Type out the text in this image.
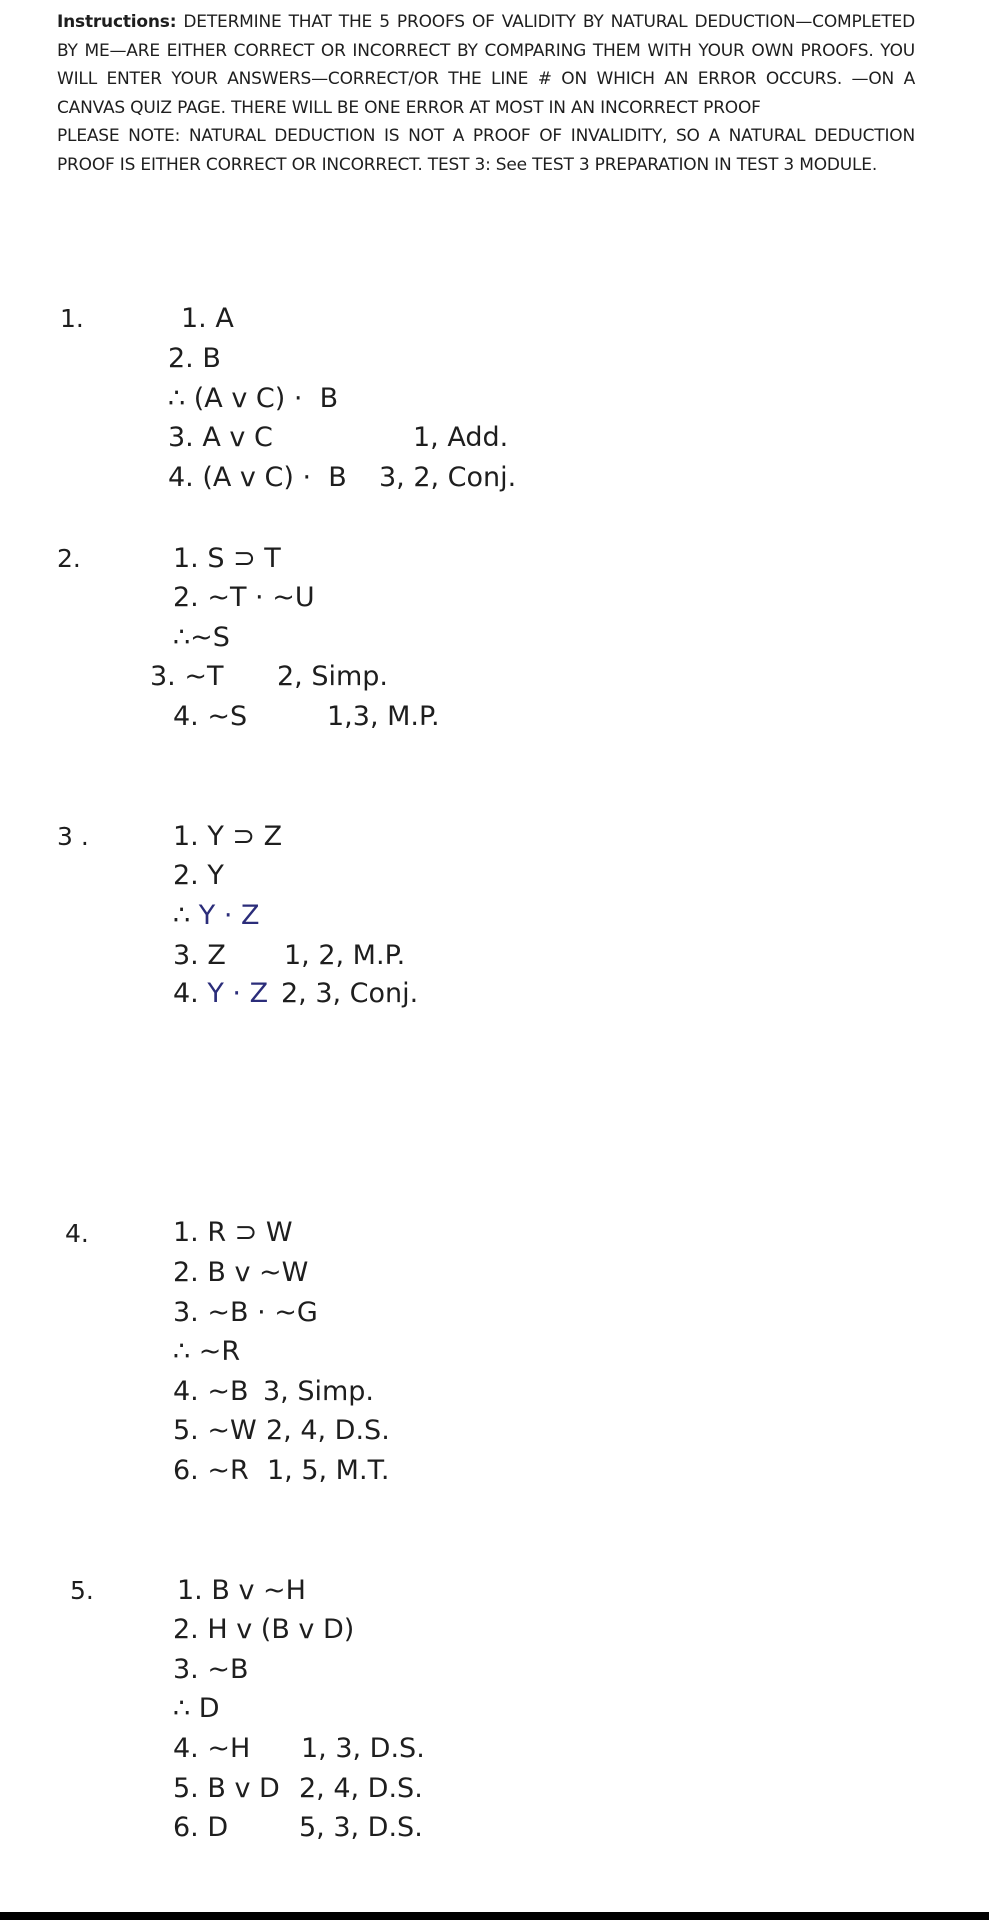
Instructions: DETERMINE THAT THE 5 PROOFS OF VALIDITY BY NATURAL DEDUCTION—COMPLETED BY ME—ARE EITHER CORRECT OR INCORRECT BY COMPARING THEM WITH YOUR OWN PROOFS. YOU WILL ENTER YOUR ANSWERS—CORRECT/OR THE LINE # ON WHICH AN ERROR OCCURS. —ON A CANVAS QUIZ PAGE. THERE WILL BE ONE ERROR AT MOST IN AN INCORRECT PROOF

PLEASE NOTE: NATURAL DEDUCTION IS NOT A PROOF OF INVALIDITY, SO A NATURAL DEDUCTION PROOF IS EITHER CORRECT OR INCORRECT. TEST 3: See TEST 3 PREPARATION IN TEST 3 MODULE.

1.	1. A
2. B
∴ (A v C) ·  B
3. A v C	1, Add.
4. (A v C) ·  B 3, 2, Conj.
2.	1. S ⊃ T
2. ~T · ~U
∴~S
3. ~T 2, Simp.
4. ~S	1,3, M.P.
3 .	1. Y ⊃ Z
2. Y
∴ Y · Z
3. Z 1, 2, M.P.
4. Y · Z 2, 3, Conj.
4.	1. R ⊃ W
2. B v ~W
3. ~B · ~G
∴ ~R
4. ~B 3, Simp.
5. ~W 2, 4, D.S.
6. ~R 1, 5, M.T.
5.	1. B v ~H
2. H v (B v D)
3. ~B
∴ D
4. ~H 1, 3, D.S.
5. B v D 2, 4, D.S.
6. D	5, 3, D.S.
